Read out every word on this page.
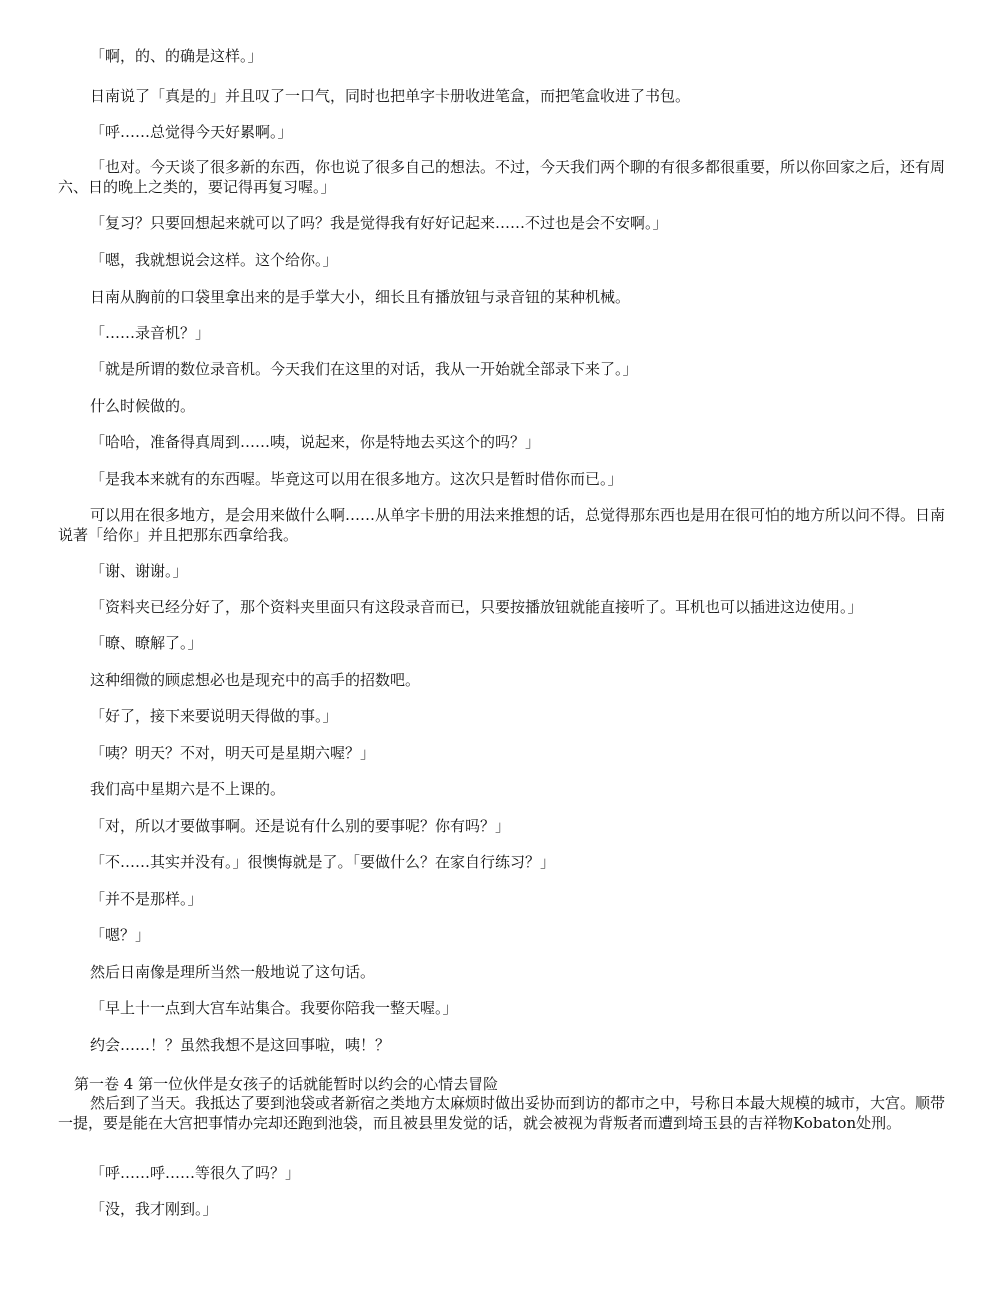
「啊，的、的确是这样。」
日南说了「真是的」并且叹了一口气，同时也把单字卡册收进笔盒，而把笔盒收进了书包。
「呼……总觉得今天好累啊。」
「也对。今天谈了很多新的东西，你也说了很多自己的想法。不过，今天我们两个聊的有很多都很重要，所以你回家之后，还有周六、日的晚上之类的，要记得再复习喔。」
「复习？只要回想起来就可以了吗？我是觉得我有好好记起来……不过也是会不安啊。」
「嗯，我就想说会这样。这个给你。」
日南从胸前的口袋里拿出来的是手掌大小，细长且有播放钮与录音钮的某种机械。
「……录音机？」
「就是所谓的数位录音机。今天我们在这里的对话，我从一开始就全部录下来了。」
什么时候做的。
「哈哈，准备得真周到……咦，说起来，你是特地去买这个的吗？」
「是我本来就有的东西喔。毕竟这可以用在很多地方。这次只是暂时借你而已。」
可以用在很多地方，是会用来做什么啊……从单字卡册的用法来推想的话，总觉得那东西也是用在很可怕的地方所以问不得。日南说著「给你」并且把那东西拿给我。
「谢、谢谢。」
「资料夹已经分好了，那个资料夹里面只有这段录音而已，只要按播放钮就能直接听了。耳机也可以插进这边使用。」
「暸、暸解了。」
这种细微的顾虑想必也是现充中的高手的招数吧。
「好了，接下来要说明天得做的事。」
「咦？明天？不对，明天可是星期六喔？」
我们高中星期六是不上课的。
「对，所以才要做事啊。还是说有什么别的要事呢？你有吗？」
「不……其实并没有。」很懊悔就是了。「要做什么？在家自行练习？」
「并不是那样。」
「嗯？」
然后日南像是理所当然一般地说了这句话。
「早上十一点到大宫车站集合。我要你陪我一整天喔。」
约会……！？虽然我想不是这回事啦，咦！？
第一卷 4 第一位伙伴是女孩子的话就能暂时以约会的心情去冒险
然后到了当天。我抵达了要到池袋或者新宿之类地方太麻烦时做出妥协而到访的都市之中，号称日本最大规模的城市，大宫。顺带一提，要是能在大宫把事情办完却还跑到池袋，而且被县里发觉的话，就会被视为背叛者而遭到埼玉县的吉祥物Kobaton处刑。
「呼……呼……等很久了吗？」
「没，我才刚到。」
